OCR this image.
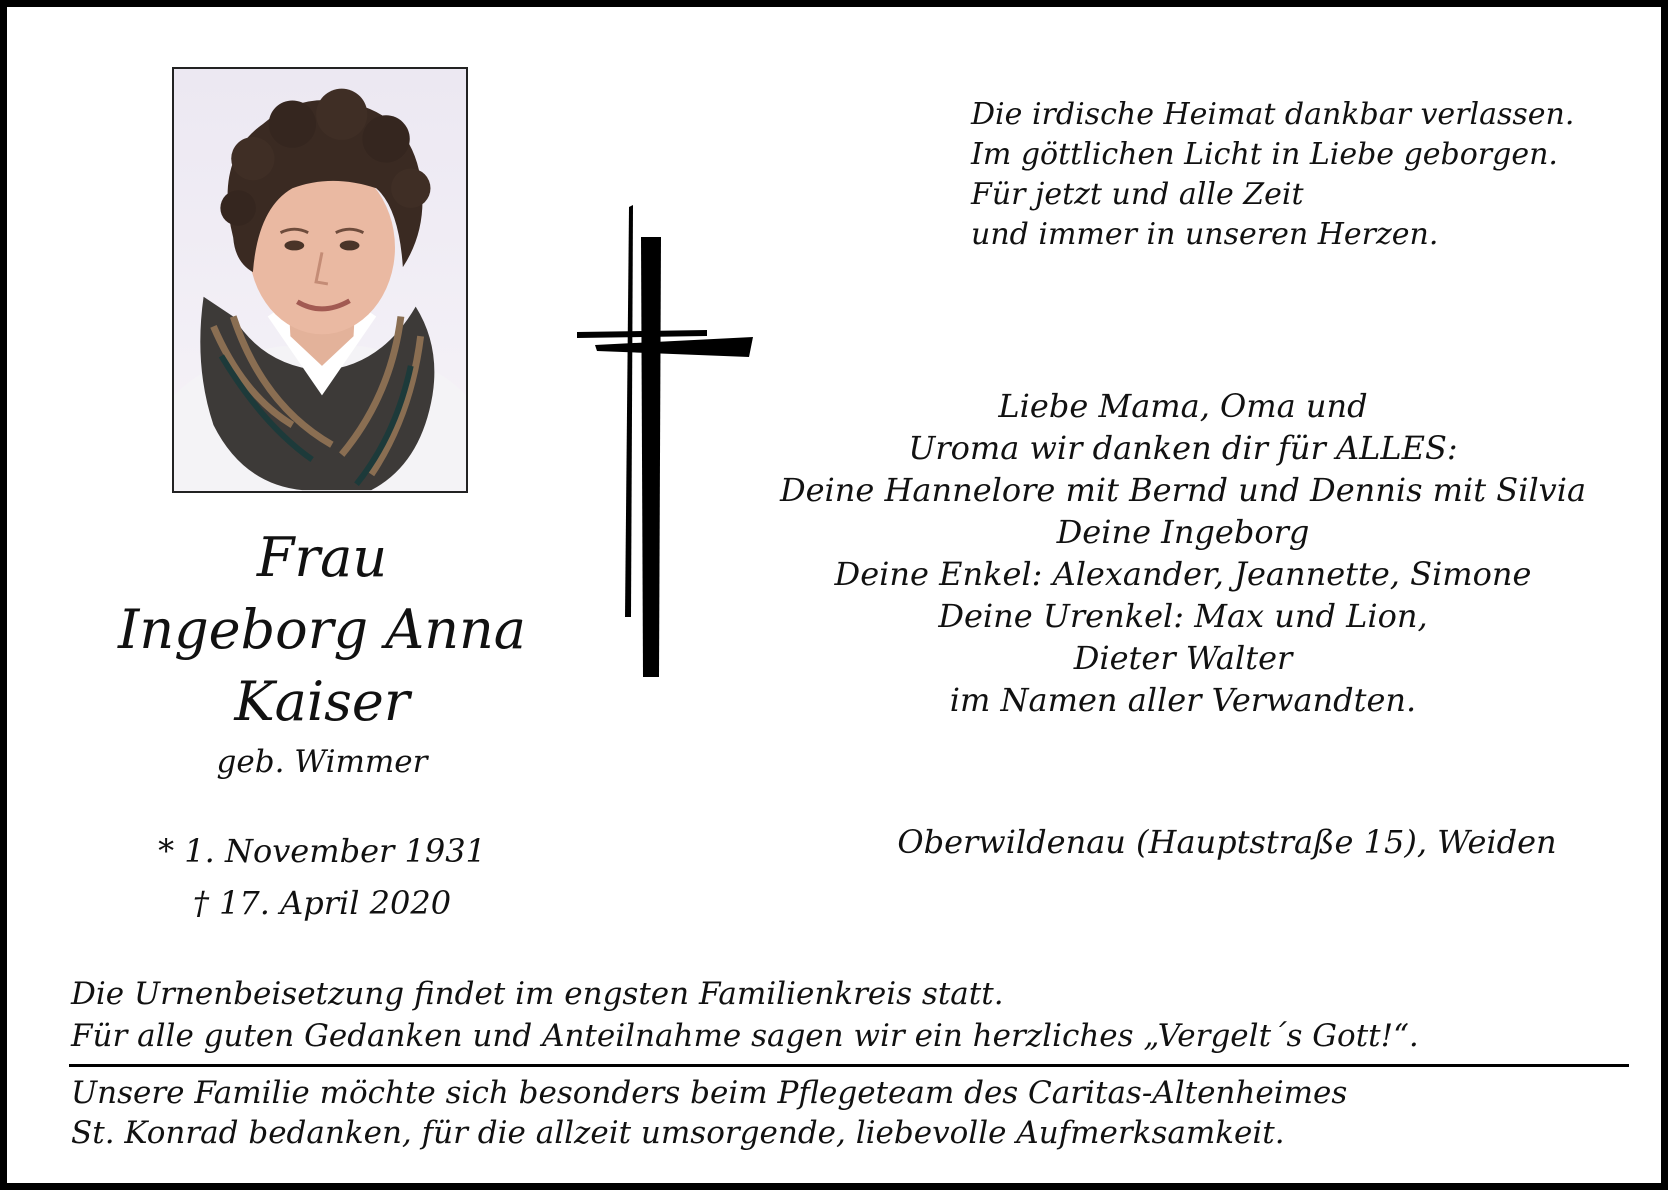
Die irdische Heimat dankbar verlassen.
Im göttlichen Licht in Liebe geborgen.
Für jetzt und alle Zeit
und immer in unseren Herzen.
Liebe Mama, Oma und
Uroma wir danken dir für ALLES:
Deine Hannelore mit Bernd und Dennis mit Silvia
Deine Ingeborg
Deine Enkel: Alexander, Jeannette, Simone
Deine Urenkel: Max und Lion,
Dieter Walter
im Namen aller Verwandten.
Frau
Ingeborg Anna
Kaiser
geb. Wimmer
* 1. November 1931
† 17. April 2020
Oberwildenau (Hauptstraße 15), Weiden
Die Urnenbeisetzung findet im engsten Familienkreis statt.
Für alle guten Gedanken und Anteilnahme sagen wir ein herzliches „Vergelt´s Gott!“.
Unsere Familie möchte sich besonders beim Pflegeteam des Caritas-Altenheimes
St. Konrad bedanken, für die allzeit umsorgende, liebevolle Aufmerksamkeit.
